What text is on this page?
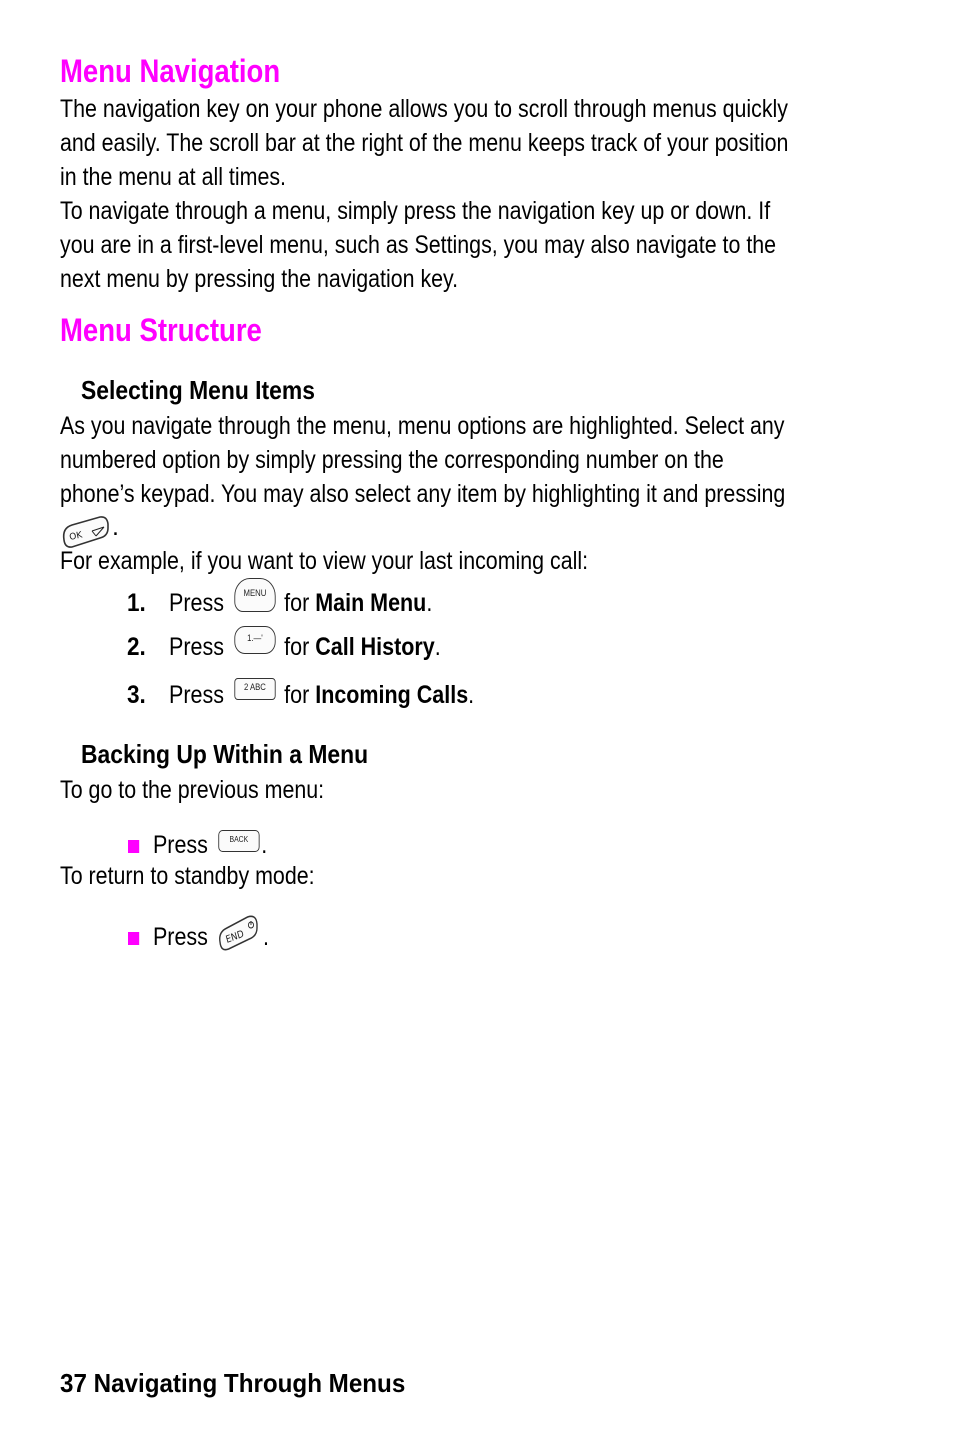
Menu Navigation

The navigation key on your phone allows you to scroll through menus quickly
and easily. The scroll bar at the right of the menu keeps track of your position
in the menu at all times.

To navigate through a menu, simply press the navigation key up or down. If
you are in a first-level menu, such as Settings, you may also navigate to the
next menu by pressing the navigation key.

Menu Structure
Selecting Menu Items

As you navigate through the menu, menu options are highlighted. Select any
numbered option by simply pressing the corresponding number on the
phone’s keypad. You may also select any item by highlighting it and pressing

OK .

For example, if you want to view your last incoming call:

1. Press	MENU for
Main Menu .
2. Press	1.—' for
Call History .
3. Press	2 ABC for
Incoming Calls .
Backing Up Within a Menu

To go to the previous menu:

Press	BACK .

To return to standby mode:

Press END .

37 Navigating Through Menus
